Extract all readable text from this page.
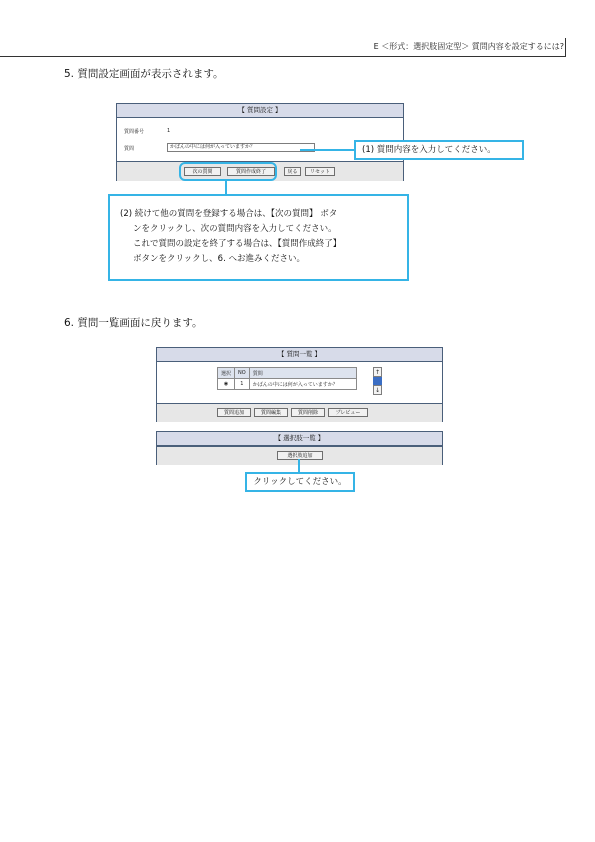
E ＜形式：選択肢固定型＞ 質問内容を設定するには?
5. 質問設定画面が表示されます。
【 質問設定 】
質問番号	1
質問	かばんの中には何が入っていますか？
次の質問	質問作成終了	戻る	リセット
(1) 質問内容を入力してください。
(2) 続けて他の質問を登録する場合は、【次の質問】 ボタ
ンをクリックし、次の質問内容を入力してください。
これで質問の設定を終了する場合は、【質問作成終了】
ボタンをクリックし、6. へお進みください。
6. 質問一覧画面に戻ります。
【 質問一覧 】
選択	NO	質問
◉	1	かばんの中には何が入っていますか？
↑
↓
質問追加	質問編集	質問削除	プレビュー
【 選択肢一覧 】
選択肢追加
クリックしてください。
